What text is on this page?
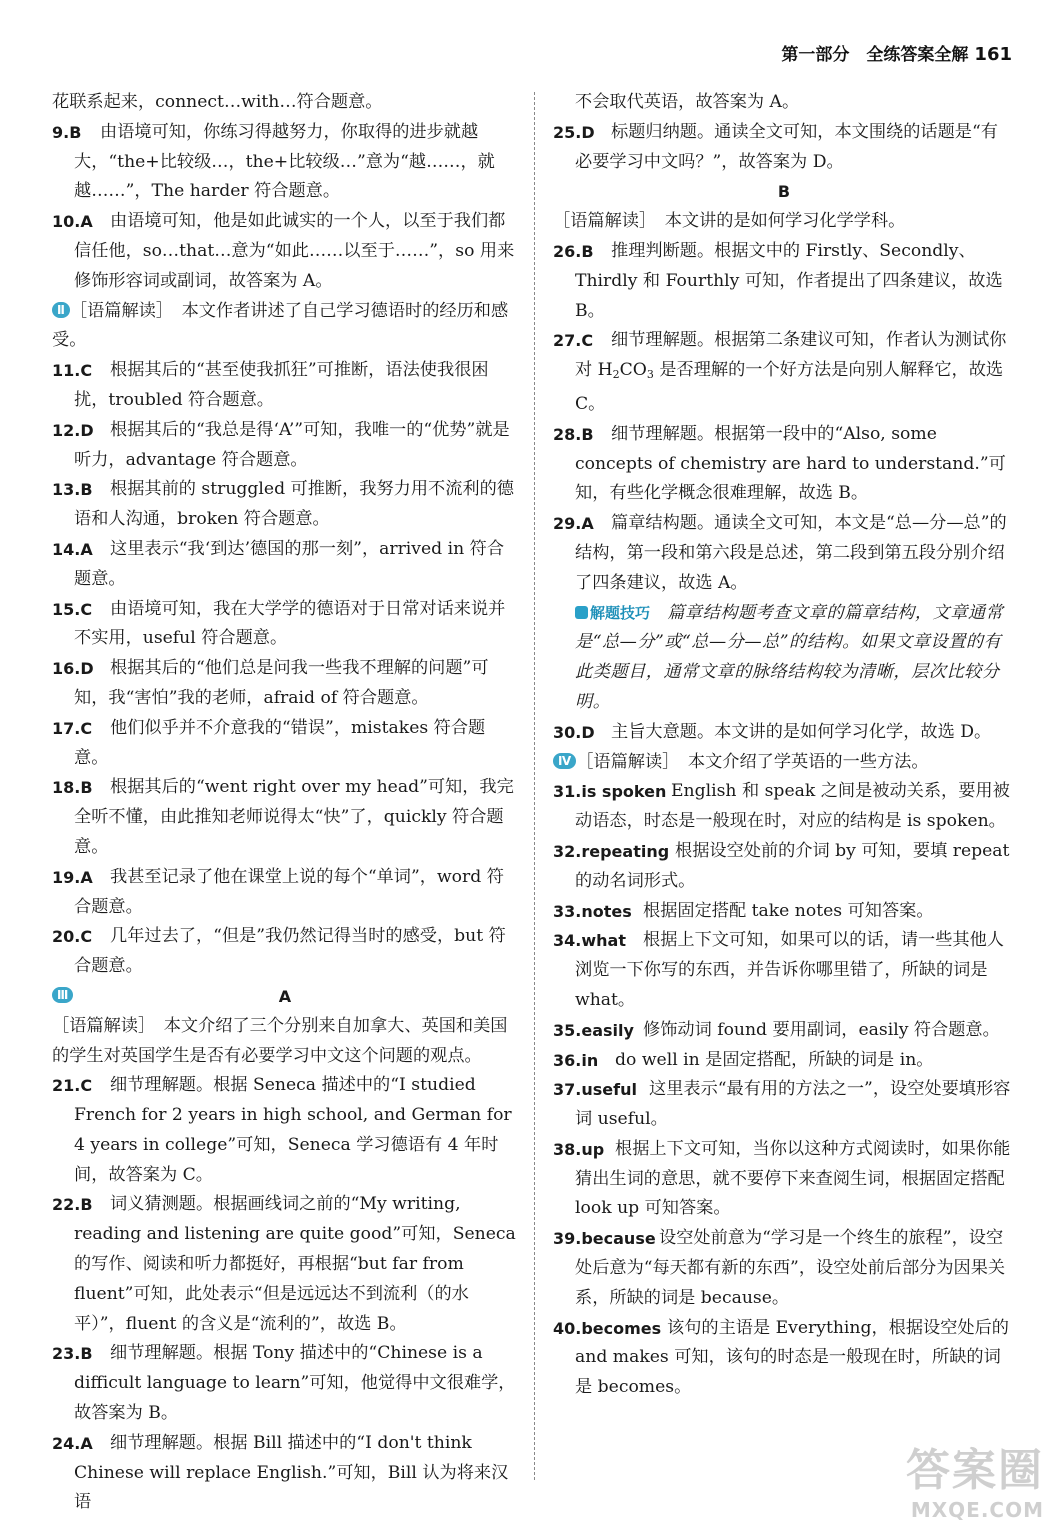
第一部分　全练答案全解 161
花联系起来，connect…with…符合题意。
9.B 由语境可知，你练习得越努力，你取得的进步就越大，“the+比较级…，the+比较级…”意为“越……，就越……”，The harder 符合题意。
10.A 由语境可知，他是如此诚实的一个人，以至于我们都信任他，so…that…意为“如此……以至于……”，so 用来修饰形容词或副词，故答案为 A。
Ⅱ ［语篇解读］　本文作者讲述了自己学习德语时的经历和感受。
11.C 根据其后的“甚至使我抓狂”可推断，语法使我很困扰，troubled 符合题意。
12.D 根据其后的“我总是得‘A’”可知，我唯一的“优势”就是听力，advantage 符合题意。
13.B 根据其前的 struggled 可推断，我努力用不流利的德语和人沟通，broken 符合题意。
14.A 这里表示“我‘到达’德国的那一刻”，arrived in 符合题意。
15.C 由语境可知，我在大学学的德语对于日常对话来说并不实用，useful 符合题意。
16.D 根据其后的“他们总是问我一些我不理解的问题”可知，我“害怕”我的老师，afraid of 符合题意。
17.C 他们似乎并不介意我的“错误”，mistakes 符合题意。
18.B 根据其后的“went right over my head”可知，我完全听不懂，由此推知老师说得太“快”了，quickly 符合题意。
19.A 我甚至记录了他在课堂上说的每个“单词”，word 符合题意。
20.C 几年过去了，“但是”我仍然记得当时的感受，but 符合题意。
Ⅲ	A
［语篇解读］　本文介绍了三个分别来自加拿大、英国和美国的学生对英国学生是否有必要学习中文这个问题的观点。
21.C 细节理解题。根据 Seneca 描述中的“I studied French for 2 years in high school, and German for 4 years in college”可知，Seneca 学习德语有 4 年时间，故答案为 C。
22.B 词义猜测题。根据画线词之前的“My writing, reading and listening are quite good”可知，Seneca 的写作、阅读和听力都挺好，再根据“but far from fluent”可知，此处表示“但是远远达不到流利（的水平）”，fluent 的含义是“流利的”，故选 B。
23.B 细节理解题。根据 Tony 描述中的“Chinese is a difficult language to learn”可知，他觉得中文很难学，故答案为 B。
24.A 细节理解题。根据 Bill 描述中的“I don't think Chinese will replace English.”可知，Bill 认为将来汉语
不会取代英语，故答案为 A。
25.D 标题归纳题。通读全文可知，本文围绕的话题是“有必要学习中文吗？”，故答案为 D。
B
［语篇解读］　本文讲的是如何学习化学学科。
26.B 推理判断题。根据文中的 Firstly、Secondly、Thirdly 和 Fourthly 可知，作者提出了四条建议，故选 B。
27.C 细节理解题。根据第二条建议可知，作者认为测试你对 $H_2CO_3$ 是否理解的一个好方法是向别人解释它，故选 C。
28.B 细节理解题。根据第一段中的“Also, some concepts of chemistry are hard to understand.”可知，有些化学概念很难理解，故选 B。
29.A 篇章结构题。通读全文可知，本文是“总—分—总”的结构，第一段和第六段是总述，第二段到第五段分别介绍了四条建议，故选 A。
解题技巧　 篇章结构题考查文章的篇章结构，文章通常是“总—分”或“总—分—总”的结构。如果文章设置的有此类题目，通常文章的脉络结构较为清晰，层次比较分明。
30.D 主旨大意题。本文讲的是如何学习化学，故选 D。
Ⅳ ［语篇解读］　本文介绍了学英语的一些方法。
31.is spoken English 和 speak 之间是被动关系，要用被动语态，时态是一般现在时，对应的结构是 is spoken。
32.repeating 根据设空处前的介词 by 可知，要填 repeat 的动名词形式。
33.notes 根据固定搭配 take notes 可知答案。
34.what 根据上下文可知，如果可以的话，请一些其他人浏览一下你写的东西，并告诉你哪里错了，所缺的词是 what。
35.easily 修饰动词 found 要用副词，easily 符合题意。
36.in do well in 是固定搭配，所缺的词是 in。
37.useful 这里表示“最有用的方法之一”，设空处要填形容词 useful。
38.up 根据上下文可知，当你以这种方式阅读时，如果你能猜出生词的意思，就不要停下来查阅生词，根据固定搭配 look up 可知答案。
39.because 设空处前意为“学习是一个终生的旅程”，设空处后意为“每天都有新的东西”，设空处前后部分为因果关系，所缺的词是 because。
40.becomes 该句的主语是 Everything，根据设空处后的 and makes 可知，该句的时态是一般现在时，所缺的词是 becomes。
答案圈
MXQE.COM
